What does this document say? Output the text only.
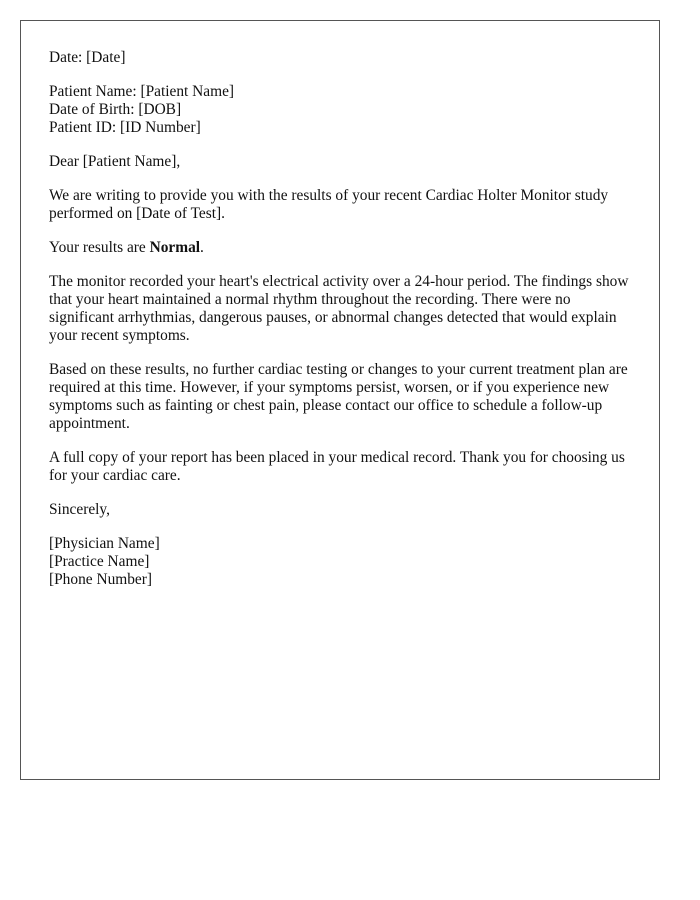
Date: [Date]
Patient Name: [Patient Name]
Date of Birth: [DOB]
Patient ID: [ID Number]

Dear [Patient Name],

We are writing to provide you with the results of your recent Cardiac Holter Monitor study performed on [Date of Test].

Your results are Normal.

The monitor recorded your heart's electrical activity over a 24-hour period. The findings show that your heart maintained a normal rhythm throughout the recording. There were no significant arrhythmias, dangerous pauses, or abnormal changes detected that would explain your recent symptoms.

Based on these results, no further cardiac testing or changes to your current treatment plan are required at this time. However, if your symptoms persist, worsen, or if you experience new symptoms such as fainting or chest pain, please contact our office to schedule a follow-up appointment.

A full copy of your report has been placed in your medical record. Thank you for choosing us for your cardiac care.

Sincerely,

[Physician Name]
[Practice Name]
[Phone Number]
